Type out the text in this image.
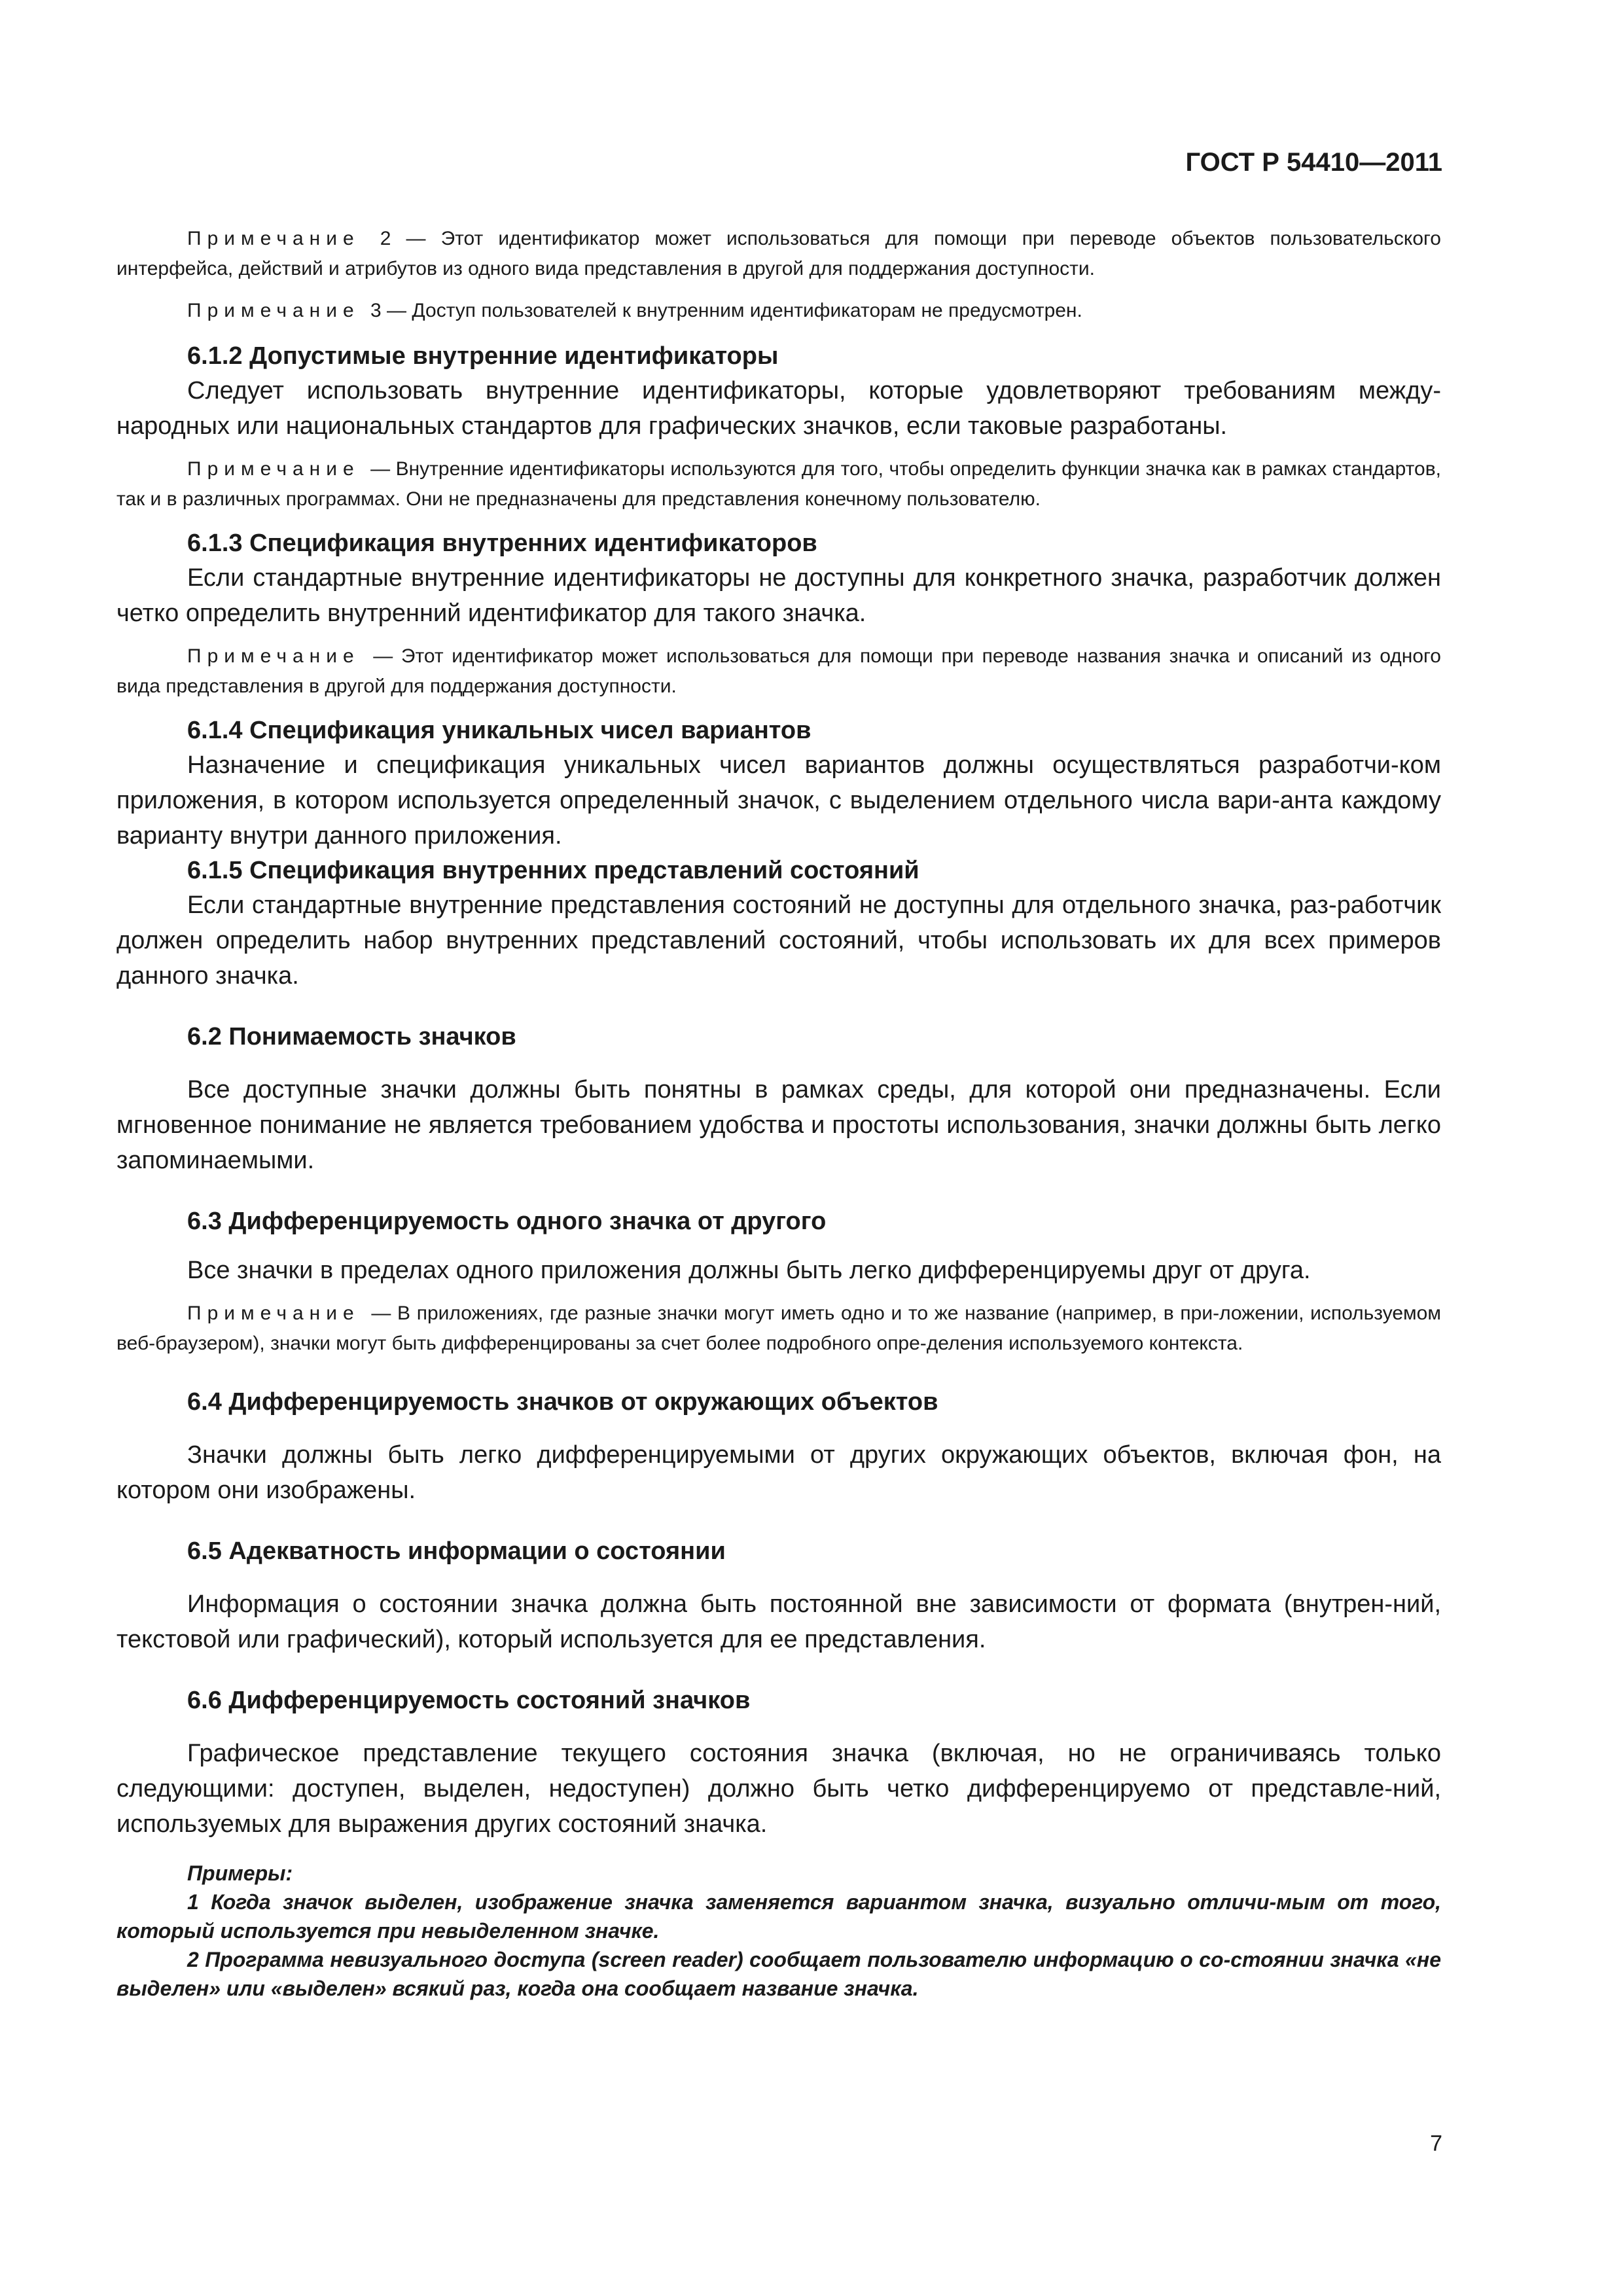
ГОСТ Р 54410—2011

Примечание 2 — Этот идентификатор может использоваться для помощи при переводе объектов пользовательского интерфейса, действий и атрибутов из одного вида представления в другой для поддержания доступности.

Примечание 3 — Доступ пользователей к внутренним идентификаторам не предусмотрен.

6.1.2 Допустимые внутренние идентификаторы

Следует использовать внутренние идентификаторы, которые удовлетворяют требованиям между-народных или национальных стандартов для графических значков, если таковые разработаны.

Примечание — Внутренние идентификаторы используются для того, чтобы определить функции значка как в рамках стандартов, так и в различных программах. Они не предназначены для представления конечному пользователю.

6.1.3 Спецификация внутренних идентификаторов

Если стандартные внутренние идентификаторы не доступны для конкретного значка, разработчик должен четко определить внутренний идентификатор для такого значка.

Примечание — Этот идентификатор может использоваться для помощи при переводе названия значка и описаний из одного вида представления в другой для поддержания доступности.

6.1.4 Спецификация уникальных чисел вариантов

Назначение и спецификация уникальных чисел вариантов должны осуществляться разработчи-ком приложения, в котором используется определенный значок, с выделением отдельного числа вари-анта каждому варианту внутри данного приложения.

6.1.5 Спецификация внутренних представлений состояний

Если стандартные внутренние представления состояний не доступны для отдельного значка, раз-работчик должен определить набор внутренних представлений состояний, чтобы использовать их для всех примеров данного значка.

6.2 Понимаемость значков

Все доступные значки должны быть понятны в рамках среды, для которой они предназначены. Если мгновенное понимание не является требованием удобства и простоты использования, значки должны быть легко запоминаемыми.

6.3 Дифференцируемость одного значка от другого

Все значки в пределах одного приложения должны быть легко дифференцируемы друг от друга.

Примечание — В приложениях, где разные значки могут иметь одно и то же название (например, в при-ложении, используемом веб-браузером), значки могут быть дифференцированы за счет более подробного опре-деления используемого контекста.

6.4 Дифференцируемость значков от окружающих объектов

Значки должны быть легко дифференцируемыми от других окружающих объектов, включая фон, на котором они изображены.

6.5 Адекватность информации о состоянии

Информация о состоянии значка должна быть постоянной вне зависимости от формата (внутрен-ний, текстовой или графический), который используется для ее представления.

6.6 Дифференцируемость состояний значков

Графическое представление текущего состояния значка (включая, но не ограничиваясь только следующими: доступен, выделен, недоступен) должно быть четко дифференцируемо от представле-ний, используемых для выражения других состояний значка.

Примеры:

1 Когда значок выделен, изображение значка заменяется вариантом значка, визуально отличи-мым от того, который используется при невыделенном значке.

2 Программа невизуального доступа (screen reader) сообщает пользователю информацию о со-стоянии значка «не выделен» или «выделен» всякий раз, когда она сообщает название значка.

7
